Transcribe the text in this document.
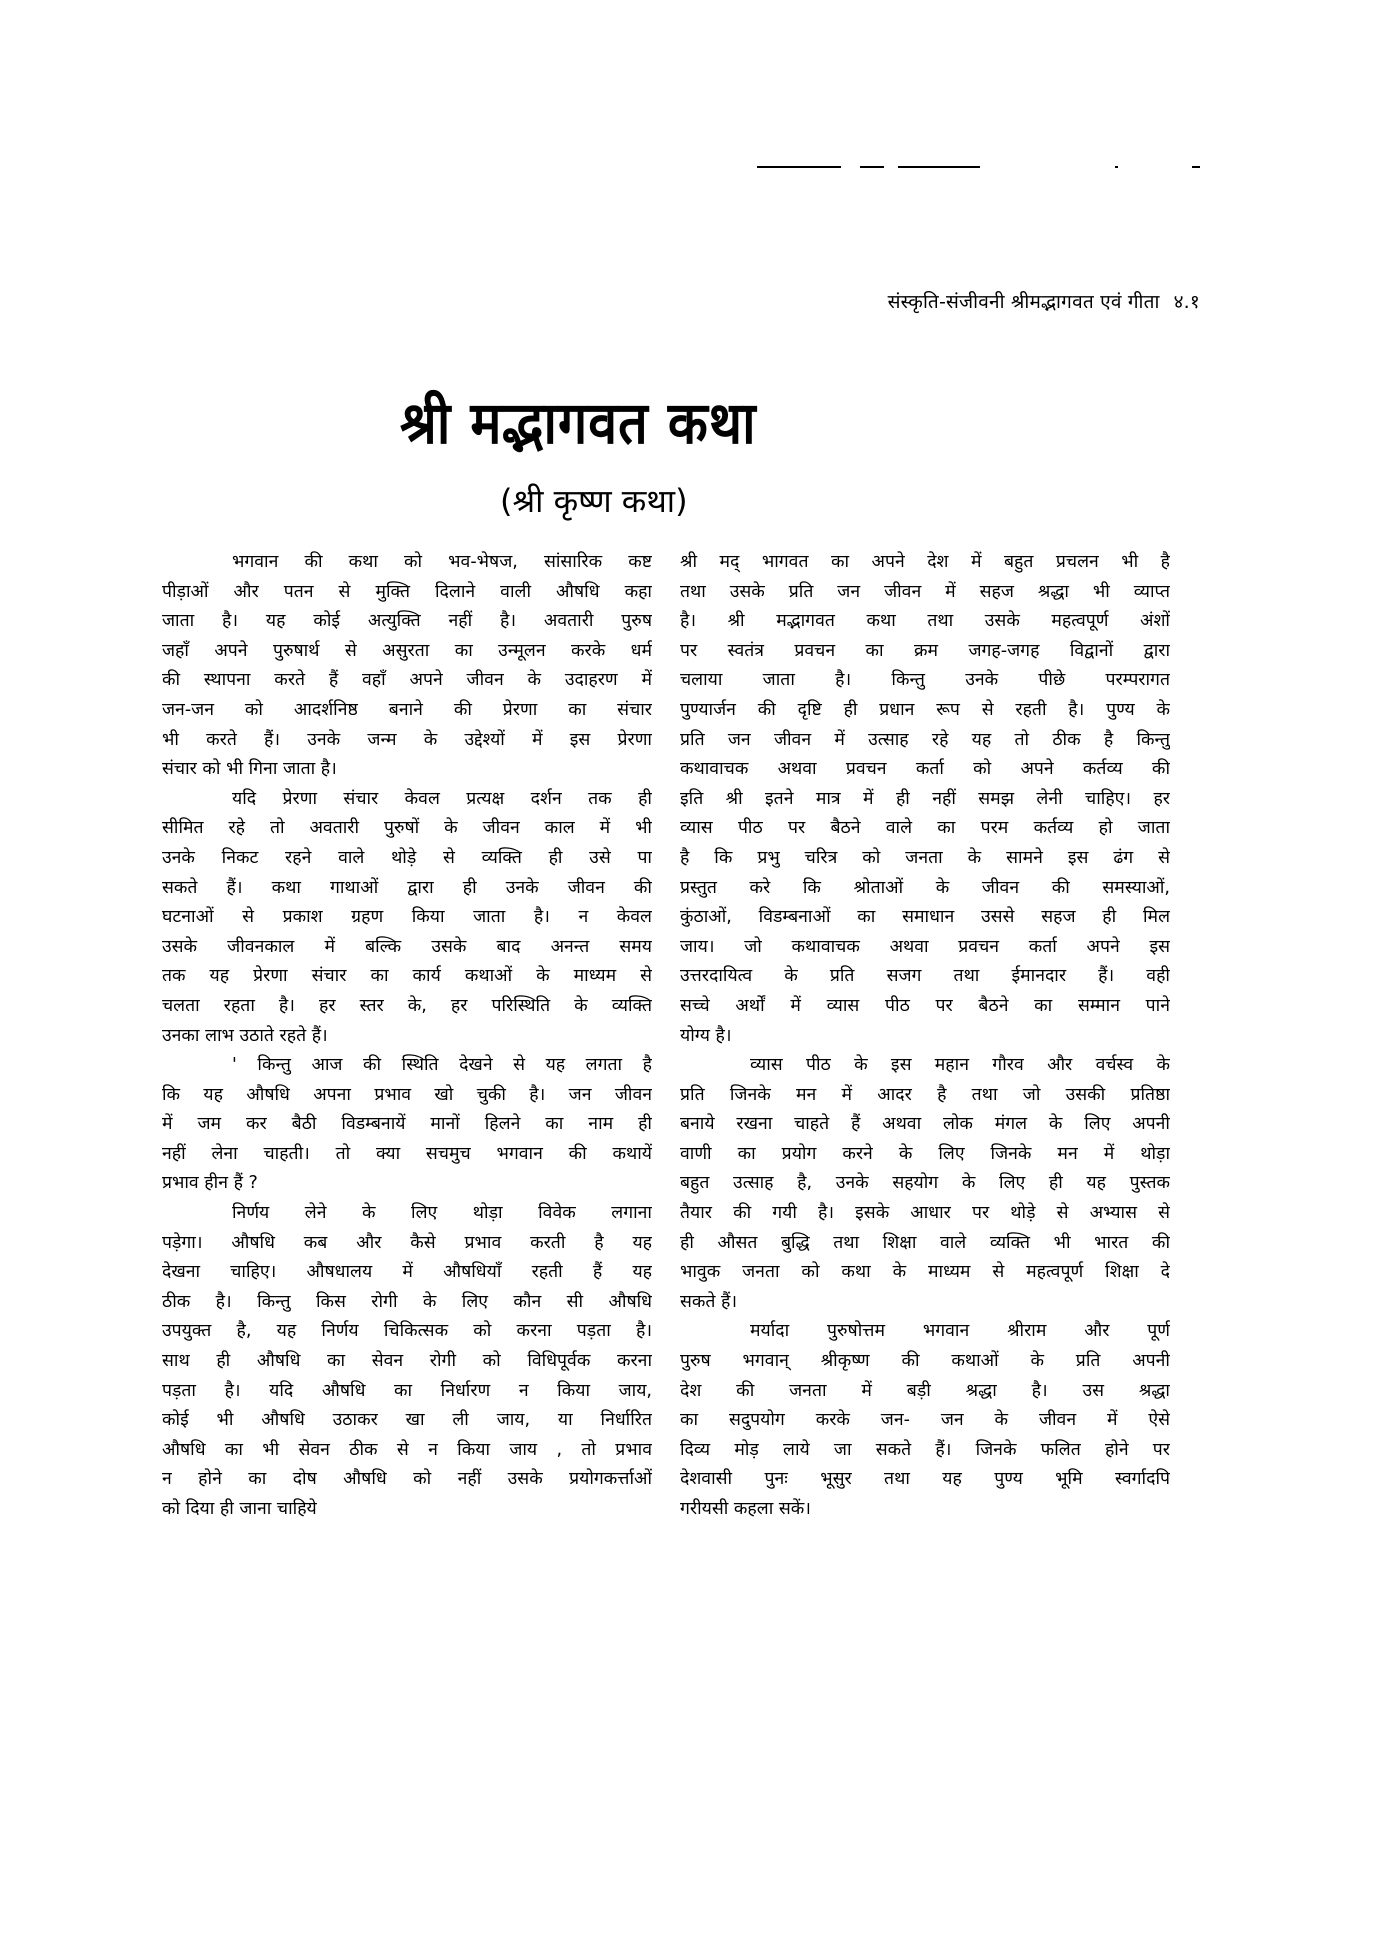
संस्कृति-संजीवनी श्रीमद्भागवत एवं गीता ४.१
श्री मद्भागवत कथा
(श्री कृष्ण कथा)
भगवान की कथा को भव-भेषज, सांसारिक कष्ट
पीड़ाओं और पतन से मुक्ति दिलाने वाली औषधि कहा
जाता है। यह कोई अत्युक्ति नहीं है। अवतारी पुरुष
जहाँ अपने पुरुषार्थ से असुरता का उन्मूलन करके धर्म
की स्थापना करते हैं वहाँ अपने जीवन के उदाहरण में
जन-जन को आदर्शनिष्ठ बनाने की प्रेरणा का संचार
भी करते हैं। उनके जन्म के उद्देश्यों में इस प्रेरणा
संचार को भी गिना जाता है।
यदि प्रेरणा संचार केवल प्रत्यक्ष दर्शन तक ही
सीमित रहे तो अवतारी पुरुषों के जीवन काल में भी
उनके निकट रहने वाले थोड़े से व्यक्ति ही उसे पा
सकते हैं। कथा गाथाओं द्वारा ही उनके जीवन की
घटनाओं से प्रकाश ग्रहण किया जाता है। न केवल
उसके जीवनकाल में बल्कि उसके बाद अनन्त समय
तक यह प्रेरणा संचार का कार्य कथाओं के माध्यम से
चलता रहता है। हर स्तर के, हर परिस्थिति के व्यक्ति
उनका लाभ उठाते रहते हैं।
' किन्तु आज की स्थिति देखने से यह लगता है
कि यह औषधि अपना प्रभाव खो चुकी है। जन जीवन
में जम कर बैठी विडम्बनायें मानों हिलने का नाम ही
नहीं लेना चाहती। तो क्या सचमुच भगवान की कथायें
प्रभाव हीन हैं ?
निर्णय लेने के लिए थोड़ा विवेक लगाना
पड़ेगा। औषधि कब और कैसे प्रभाव करती है यह
देखना चाहिए। औषधालय में औषधियाँ रहती हैं यह
ठीक है। किन्तु किस रोगी के लिए कौन सी औषधि
उपयुक्त है, यह निर्णय चिकित्सक को करना पड़ता है।
साथ ही औषधि का सेवन रोगी को विधिपूर्वक करना
पड़ता है। यदि औषधि का निर्धारण न किया जाय,
कोई भी औषधि उठाकर खा ली जाय, या निर्धारित
औषधि का भी सेवन ठीक से न किया जाय , तो प्रभाव
न होने का दोष औषधि को नहीं उसके प्रयोगकर्त्ताओं
को दिया ही जाना चाहिये
श्री मद् भागवत का अपने देश में बहुत प्रचलन भी है
तथा उसके प्रति जन जीवन में सहज श्रद्धा भी व्याप्त
है। श्री मद्भागवत कथा तथा उसके महत्वपूर्ण अंशों
पर स्वतंत्र प्रवचन का क्रम जगह-जगह विद्वानों द्वारा
चलाया जाता है। किन्तु उनके पीछे परम्परागत
पुण्यार्जन की दृष्टि ही प्रधान रूप से रहती है। पुण्य के
प्रति जन जीवन में उत्साह रहे यह तो ठीक है किन्तु
कथावाचक अथवा प्रवचन कर्ता को अपने कर्तव्य की
इति श्री इतने मात्र में ही नहीं समझ लेनी चाहिए। हर
व्यास पीठ पर बैठने वाले का परम कर्तव्य हो जाता
है कि प्रभु चरित्र को जनता के सामने इस ढंग से
प्रस्तुत करे कि श्रोताओं के जीवन की समस्याओं,
कुंठाओं, विडम्बनाओं का समाधान उससे सहज ही मिल
जाय। जो कथावाचक अथवा प्रवचन कर्ता अपने इस
उत्तरदायित्व के प्रति सजग तथा ईमानदार हैं। वही
सच्चे अर्थों में व्यास पीठ पर बैठने का सम्मान पाने
योग्य है।
व्यास पीठ के इस महान गौरव और वर्चस्व के
प्रति जिनके मन में आदर है तथा जो उसकी प्रतिष्ठा
बनाये रखना चाहते हैं अथवा लोक मंगल के लिए अपनी
वाणी का प्रयोग करने के लिए जिनके मन में थोड़ा
बहुत उत्साह है, उनके सहयोग के लिए ही यह पुस्तक
तैयार की गयी है। इसके आधार पर थोड़े से अभ्यास से
ही औसत बुद्धि तथा शिक्षा वाले व्यक्ति भी भारत की
भावुक जनता को कथा के माध्यम से महत्वपूर्ण शिक्षा दे
सकते हैं।
मर्यादा पुरुषोत्तम भगवान श्रीराम और पूर्ण
पुरुष भगवान् श्रीकृष्ण की कथाओं के प्रति अपनी
देश की जनता में बड़ी श्रद्धा है। उस श्रद्धा
का सदुपयोग करके जन- जन के जीवन में ऐसे
दिव्य मोड़ लाये जा सकते हैं। जिनके फलित होने पर
देशवासी पुनः भूसुर तथा यह पुण्य भूमि स्वर्गादपि
गरीयसी कहला सकें।
